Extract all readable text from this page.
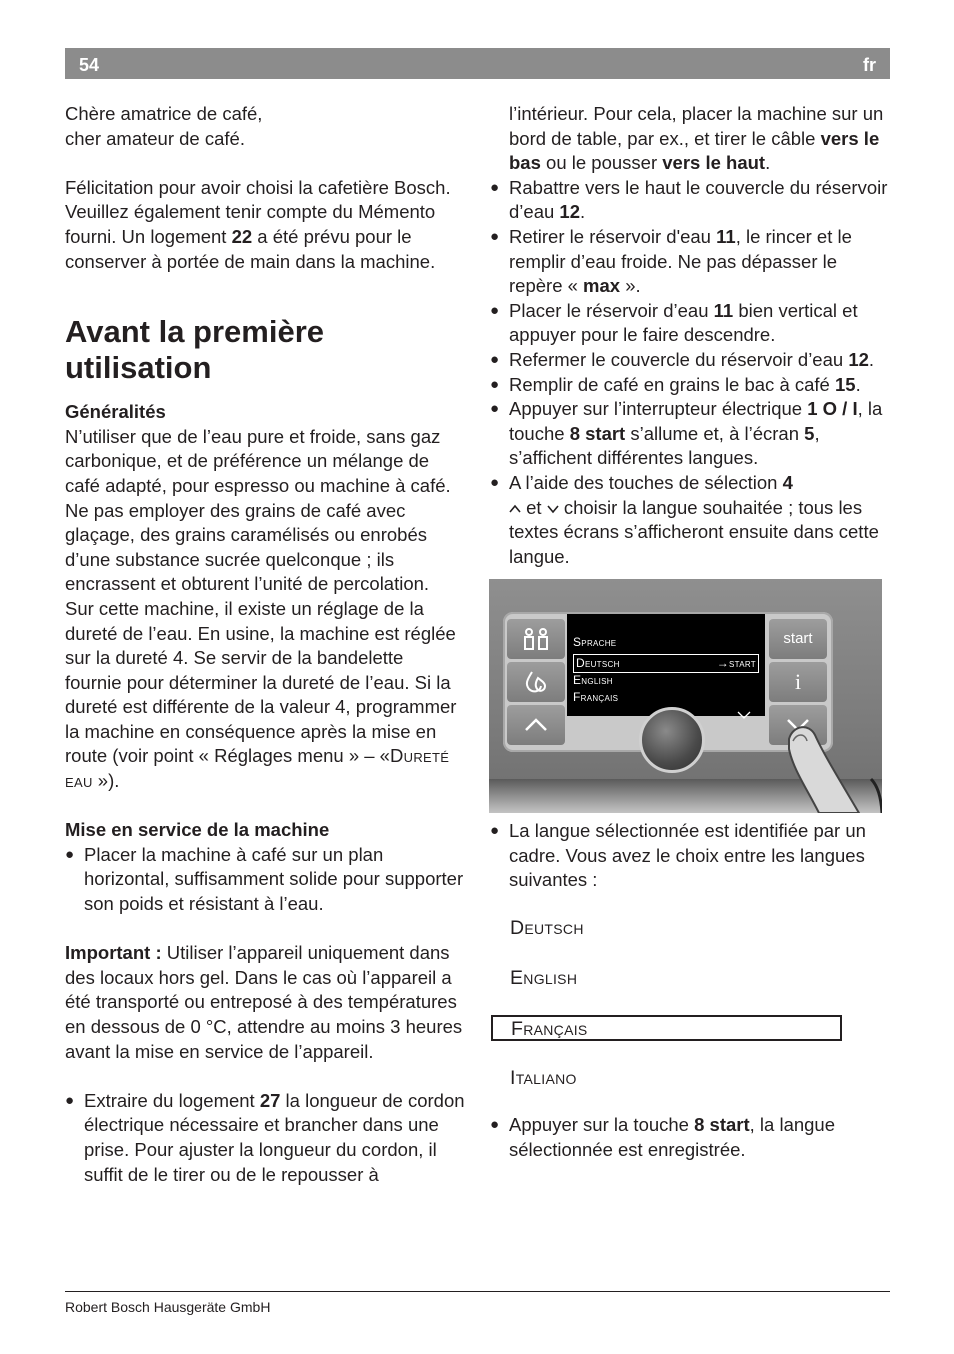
54	fr

Chère amatrice de café,

cher amateur de café.

Félicitation pour avoir choisi la cafetière Bosch.

Veuillez également tenir compte du Mémento fourni. Un logement 22 a été prévu pour le conserver à portée de main dans la machine.

Avant la première utilisation

Généralités

N’utiliser que de l’eau pure et froide, sans gaz carbonique, et de préférence un mélange de café adapté, pour espresso ou machine à café. Ne pas employer des grains de café avec glaçage, des grains caramélisés ou enrobés d’une substance sucrée quelconque ; ils encrassent et obturent l’unité de percolation.

Sur cette machine, il existe un réglage de la dureté de l’eau. En usine, la machine est réglée sur la dureté 4. Se servir de la bandelette fournie pour déterminer la dureté de l’eau. Si la dureté est différente de la valeur 4, programmer la machine en conséquence après la mise en route (voir point « Réglages menu » – «Dureté eau »).

Mise en service de la machine

● Placer la machine à café sur un plan horizontal, suffisamment solide pour supporter son poids et résistant à l’eau.

Important : Utiliser l’appareil uniquement dans des locaux hors gel. Dans le cas où l’appareil a été transporté ou entreposé à des températures en dessous de 0 °C, attendre au moins 3 heures avant la mise en service de l’appareil.

● Extraire du logement 27 la longueur de cordon électrique nécessaire et brancher dans une prise. Pour ajuster la longueur du cordon, il suffit de le tirer ou de le repousser à

l’intérieur. Pour cela, placer la machine sur un bord de table, par ex., et tirer le câble vers le bas ou le pousser vers le haut.

● Rabattre vers le haut le couvercle du réservoir d’eau 12.

● Retirer le réservoir d'eau 11, le rincer et le remplir d’eau froide. Ne pas dépasser le repère « max ».

● Placer le réservoir d’eau 11 bien vertical et appuyer pour le faire descendre.

● Refermer le couvercle du réservoir d’eau 12.

● Remplir de café en grains le bac à café 15.

● Appuyer sur l’interrupteur électrique 1 O / I, la touche 8 start s’allume et, à l’écran 5, s’affichent différentes langues.

● A l’aide des touches de sélection 4

et
choisir la langue souhaitée ; tous les textes écrans s’afficheront ensuite dans cette langue.

Sprache
Deutsch	→start
English
Français
start
i

● La langue sélectionnée est identifiée par un cadre. Vous avez le choix entre les langues suivantes :

Deutsch
English
Français
Italiano

● Appuyer sur la touche 8 start, la langue sélectionnée est enregistrée.

Robert Bosch Hausgeräte GmbH
